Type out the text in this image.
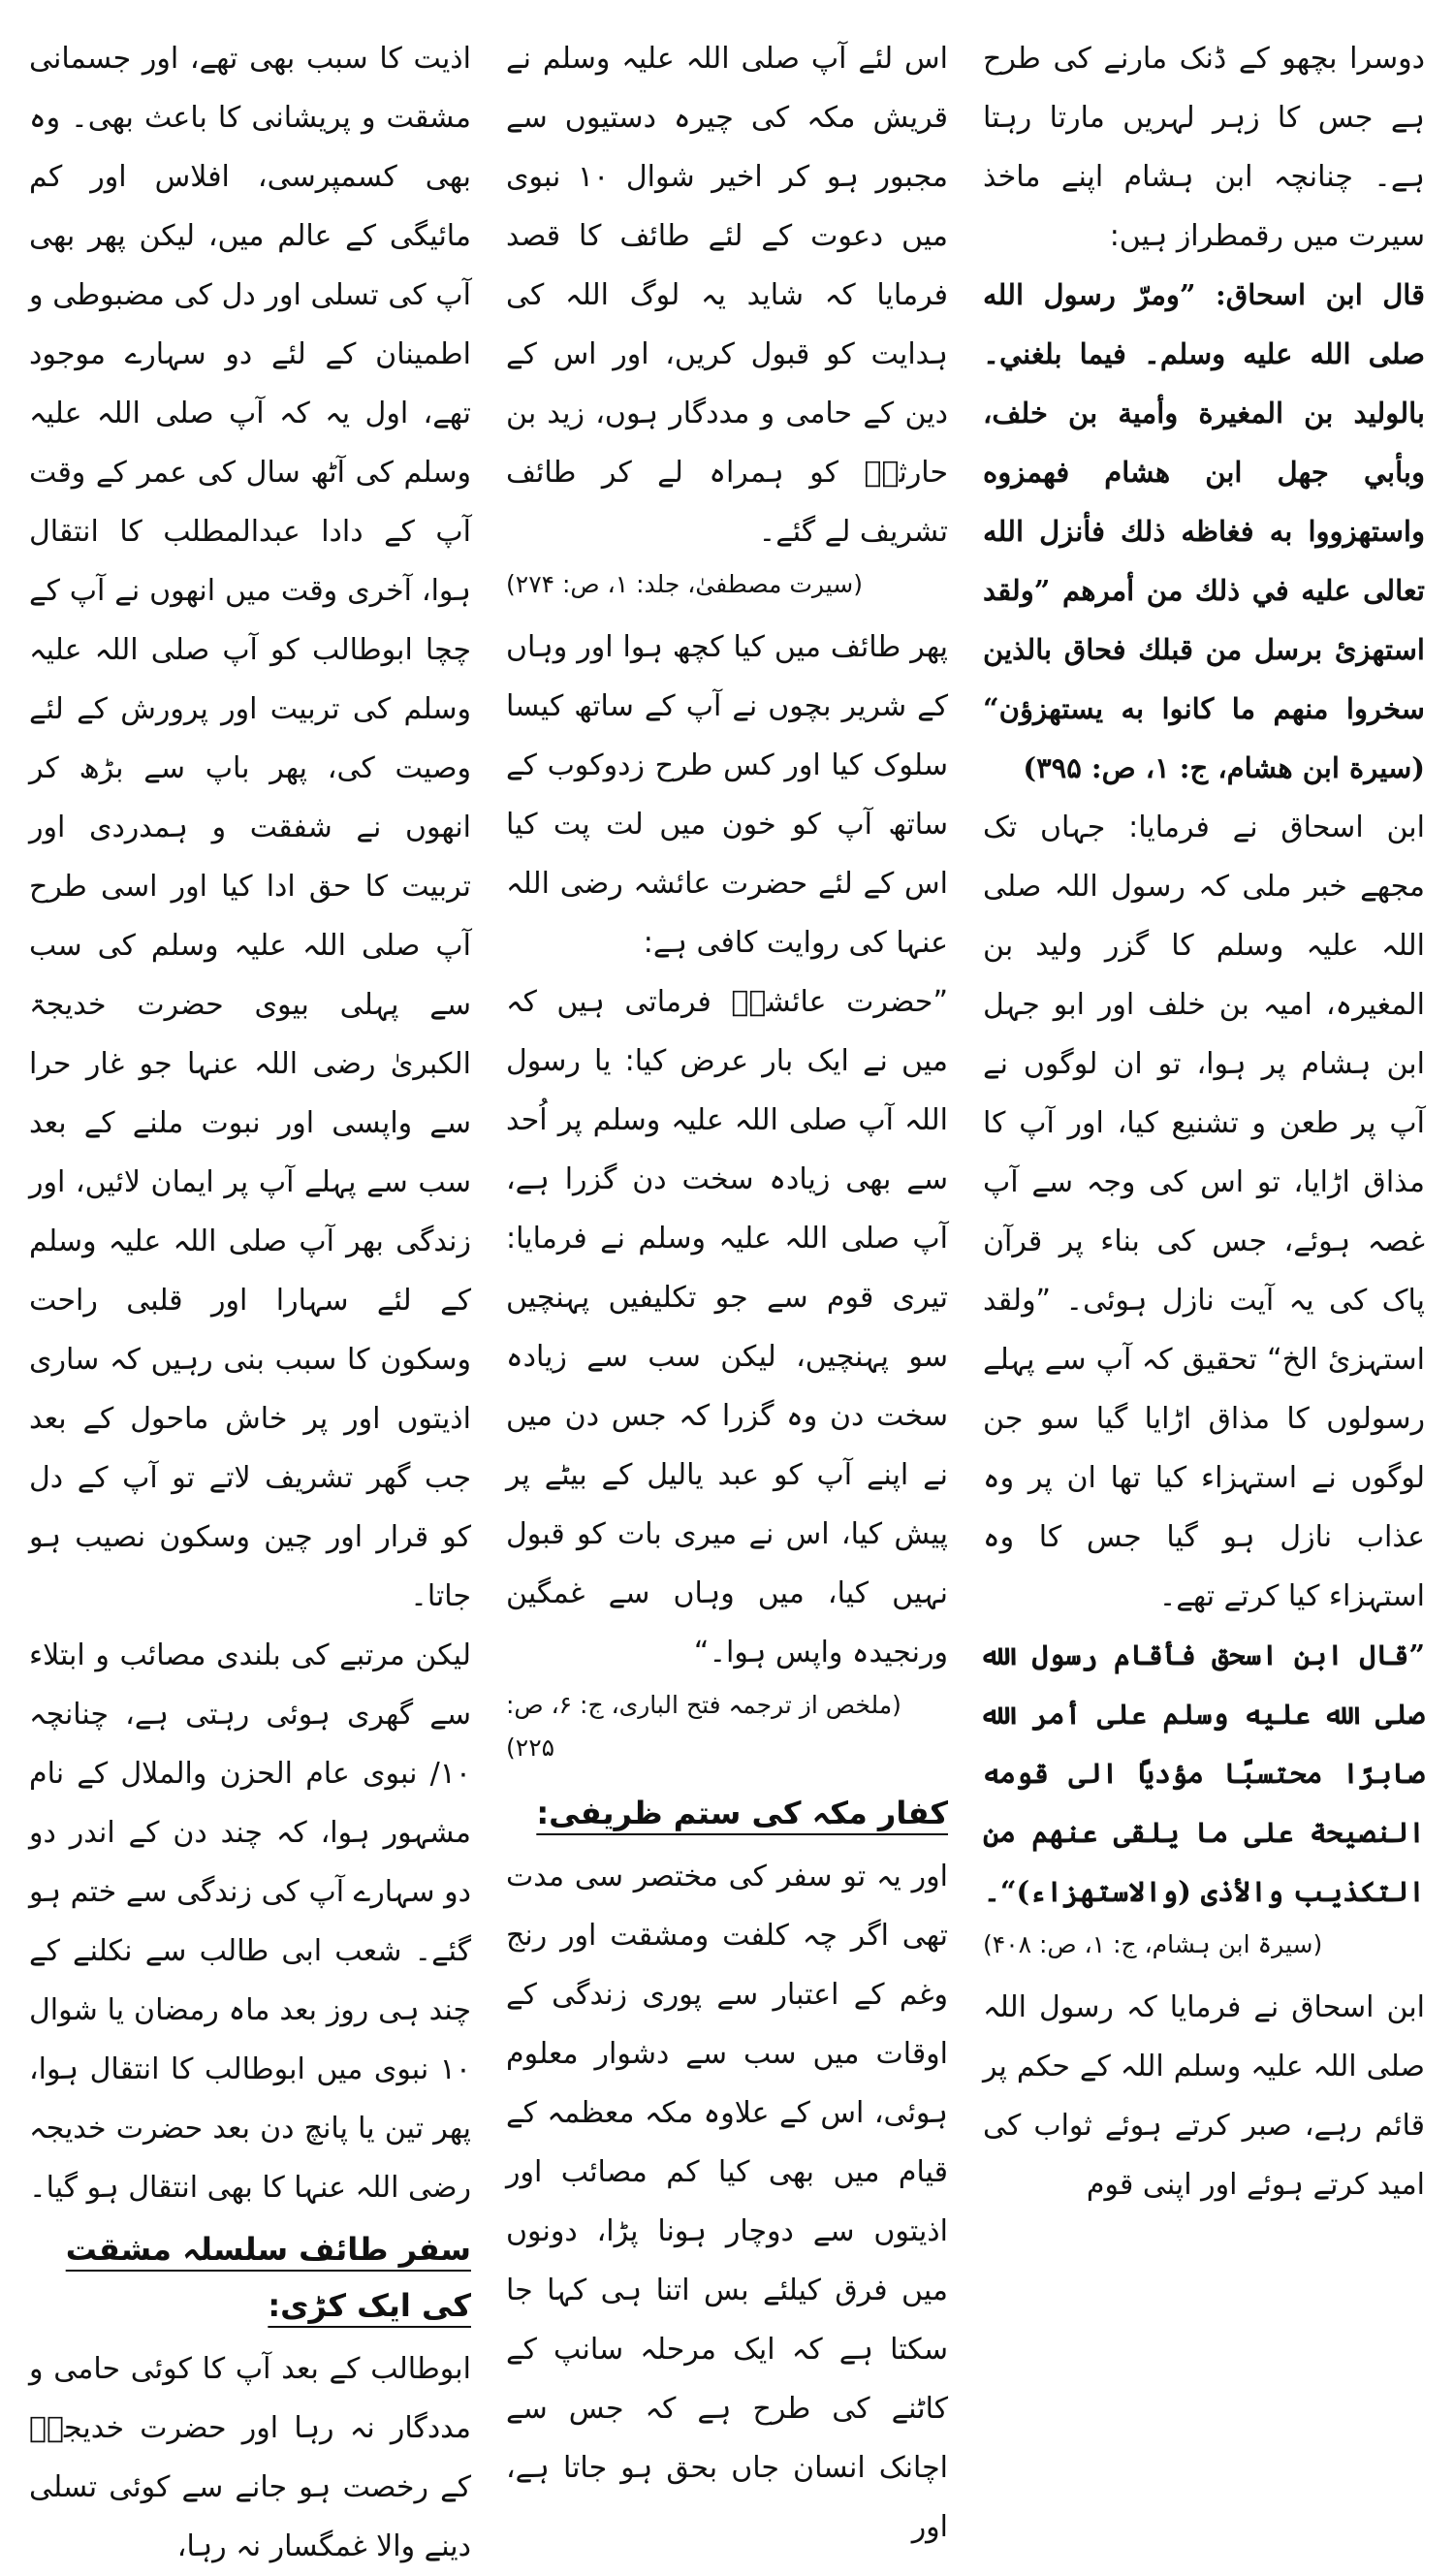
اذیت کا سبب بھی تھے، اور جسمانی مشقت و پریشانی کا باعث بھی۔ وہ بھی کسمپرسی، افلاس اور کم مائیگی کے عالم میں، لیکن پھر بھی آپ کی تسلی اور دل کی مضبوطی و اطمینان کے لئے دو سہارے موجود تھے، اول یہ کہ آپ صلی اللہ علیہ وسلم کی آٹھ سال کی عمر کے وقت آپ کے دادا عبدالمطلب کا انتقال ہوا، آخری وقت میں انھوں نے آپ کے چچا ابوطالب کو آپ صلی اللہ علیہ وسلم کی تربیت اور پرورش کے لئے وصیت کی، پھر باپ سے بڑھ کر انھوں نے شفقت و ہمدردی اور تربیت کا حق ادا کیا اور اسی طرح آپ صلی اللہ علیہ وسلم کی سب سے پہلی بیوی حضرت خدیجۃ الکبریٰ رضی اللہ عنہا جو غار حرا سے واپسی اور نبوت ملنے کے بعد سب سے پہلے آپ پر ایمان لائیں، اور زندگی بھر آپ صلی اللہ علیہ وسلم کے لئے سہارا اور قلبی راحت وسکون کا سبب بنی رہیں کہ ساری اذیتوں اور پر خاش ماحول کے بعد جب گھر تشریف لاتے تو آپ کے دل کو قرار اور چین وسکون نصیب ہو جاتا۔

لیکن مرتبے کی بلندی مصائب و ابتلاء سے گھری ہوئی رہتی ہے، چنانچہ ۱۰/ نبوی عام الحزن والملال کے نام مشہور ہوا، کہ چند دن کے اندر دو دو سہارے آپ کی زندگی سے ختم ہو گئے۔ شعب ابی طالب سے نکلنے کے چند ہی روز بعد ماہ رمضان یا شوال ۱۰ نبوی میں ابوطالب کا انتقال ہوا، پھر تین یا پانچ دن بعد حضرت خدیجہ رضی اللہ عنہا کا بھی انتقال ہو گیا۔

سفر طائف سلسلہ مشقت کی ایک کڑی:

ابوطالب کے بعد آپ کا کوئی حامی و مددگار نہ رہا اور حضرت خدیجہؓ کے رخصت ہو جانے سے کوئی تسلی دینے والا غمگسار نہ رہا،

اس لئے آپ صلی اللہ علیہ وسلم نے قریش مکہ کی چیرہ دستیوں سے مجبور ہو کر اخیر شوال ۱۰ نبوی میں دعوت کے لئے طائف کا قصد فرمایا کہ شاید یہ لوگ اللہ کی ہدایت کو قبول کریں، اور اس کے دین کے حامی و مددگار ہوں، زید بن حارثہؓ کو ہمراہ لے کر طائف تشریف لے گئے۔

(سیرت مصطفیٰ، جلد: ۱، ص: ۲۷۴)

پھر طائف میں کیا کچھ ہوا اور وہاں کے شریر بچوں نے آپ کے ساتھ کیسا سلوک کیا اور کس طرح زدوکوب کے ساتھ آپ کو خون میں لت پت کیا اس کے لئے حضرت عائشہ رضی اللہ عنہا کی روایت کافی ہے:

”حضرت عائشہؓ فرماتی ہیں کہ میں نے ایک بار عرض کیا: یا رسول اللہ آپ صلی اللہ علیہ وسلم پر اُحد سے بھی زیادہ سخت دن گزرا ہے، آپ صلی اللہ علیہ وسلم نے فرمایا: تیری قوم سے جو تکلیفیں پہنچیں سو پہنچیں، لیکن سب سے زیادہ سخت دن وہ گزرا کہ جس دن میں نے اپنے آپ کو عبد یالیل کے بیٹے پر پیش کیا، اس نے میری بات کو قبول نہیں کیا، میں وہاں سے غمگین ورنجیدہ واپس ہوا۔“

(ملخص از ترجمہ فتح الباری، ج: ۶، ص: ۲۲۵)
کفار مکہ کی ستم ظریفی:

اور یہ تو سفر کی مختصر سی مدت تھی اگر چہ کلفت ومشقت اور رنج وغم کے اعتبار سے پوری زندگی کے اوقات میں سب سے دشوار معلوم ہوئی، اس کے علاوہ مکہ معظمہ کے قیام میں بھی کیا کم مصائب اور اذیتوں سے دوچار ہونا پڑا، دونوں میں فرق کیلئے بس اتنا ہی کہا جا سکتا ہے کہ ایک مرحلہ سانپ کے کاٹنے کی طرح ہے کہ جس سے اچانک انسان جاں بحق ہو جاتا ہے، اور

دوسرا بچھو کے ڈنک مارنے کی طرح ہے جس کا زہر لہریں مارتا رہتا ہے۔ چنانچہ ابن ہشام اپنے ماخذ سیرت میں رقمطراز ہیں:

قال ابن اسحاق: ”ومرّ رسول الله صلى الله عليه وسلم۔ فيما بلغني۔ بالوليد بن المغيرة وأمية بن خلف، وبأبي جهل ابن هشام فهمزوه واستهزووا به فغاظه ذلك فأنزل الله تعالى عليه في ذلك من أمرهم ”ولقد استهزئ برسل من قبلك فحاق بالذين سخروا منهم ما كانوا به يستهزؤن“ (سيرة ابن هشام، ج: ۱، ص: ۳۹۵)

ابن اسحاق نے فرمایا: جہاں تک مجھے خبر ملی کہ رسول اللہ صلی اللہ علیہ وسلم کا گزر ولید بن المغیرہ، امیہ بن خلف اور ابو جہل ابن ہشام پر ہوا، تو ان لوگوں نے آپ پر طعن و تشنیع کیا، اور آپ کا مذاق اڑایا، تو اس کی وجہ سے آپ غصہ ہوئے، جس کی بناء پر قرآن پاک کی یہ آیت نازل ہوئی۔ ”ولقد استہزیٔ الخ“ تحقیق کہ آپ سے پہلے رسولوں کا مذاق اڑایا گیا سو جن لوگوں نے استہزاء کیا تھا ان پر وہ عذاب نازل ہو گیا جس کا وہ استہزاء کیا کرتے تھے۔

”قال ابن اسحق فأقام رسول الله صلى الله عليه وسلم على أمر الله صابرًا محتسبًا مؤديًا الى قومه النصيحة على ما يلقى عنهم من التكذيب والأذى (والاستهزاء)“۔

(سیرۃ ابن ہشام، ج: ۱، ص: ۴۰۸)

ابن اسحاق نے فرمایا کہ رسول اللہ صلی اللہ علیہ وسلم اللہ کے حکم پر قائم رہے، صبر کرتے ہوئے ثواب کی امید کرتے ہوئے اور اپنی قوم
